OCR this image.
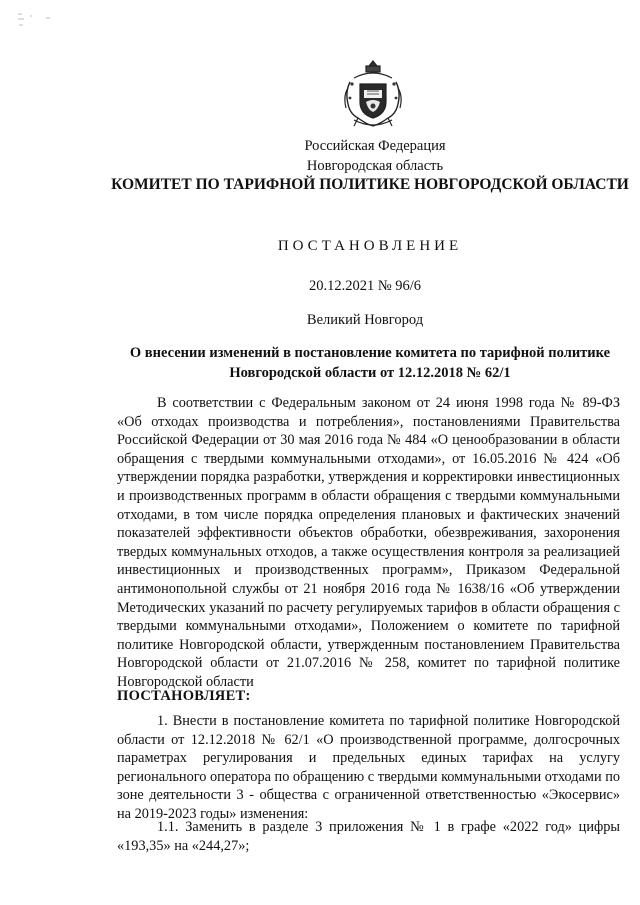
Российская Федерация
Новгородская область
КОМИТЕТ ПО ТАРИФНОЙ ПОЛИТИКЕ НОВГОРОДСКОЙ ОБЛАСТИ
ПОСТАНОВЛЕНИЕ
20.12.2021 № 96/6
Великий Новгород
О внесении изменений в постановление комитета по тарифной политике Новгородской области от 12.12.2018 № 62/1
В соответствии с Федеральным законом от 24 июня 1998 года № 89-ФЗ «Об отходах производства и потребления», постановлениями Правительства Российской Федерации от 30 мая 2016 года № 484 «О ценообразовании в области обращения с твердыми коммунальными отходами», от 16.05.2016 № 424 «Об утверждении порядка разработки, утверждения и корректировки инвестиционных и производственных программ в области обращения с твердыми коммунальными отходами, в том числе порядка определения плановых и фактических значений показателей эффективности объектов обработки, обезвреживания, захоронения твердых коммунальных отходов, а также осуществления контроля за реализацией инвестиционных и производственных программ», Приказом Федеральной антимонопольной службы от 21 ноября 2016 года № 1638/16 «Об утверждении Методических указаний по расчету регулируемых тарифов в области обращения с твердыми коммунальными отходами», Положением о комитете по тарифной политике Новгородской области, утвержденным постановлением Правительства Новгородской области от 21.07.2016 № 258, комитет по тарифной политике Новгородской области
ПОСТАНОВЛЯЕТ:
1. Внести в постановление комитета по тарифной политике Новгородской области от 12.12.2018 № 62/1 «О производственной программе, долгосрочных параметрах регулирования и предельных единых тарифах на услугу регионального оператора по обращению с твердыми коммунальными отходами по зоне деятельности 3 - общества с ограниченной ответственностью «Экосервис» на 2019-2023 годы» изменения:
1.1. Заменить в разделе 3 приложения № 1 в графе «2022 год» цифры «193,35» на «244,27»;
